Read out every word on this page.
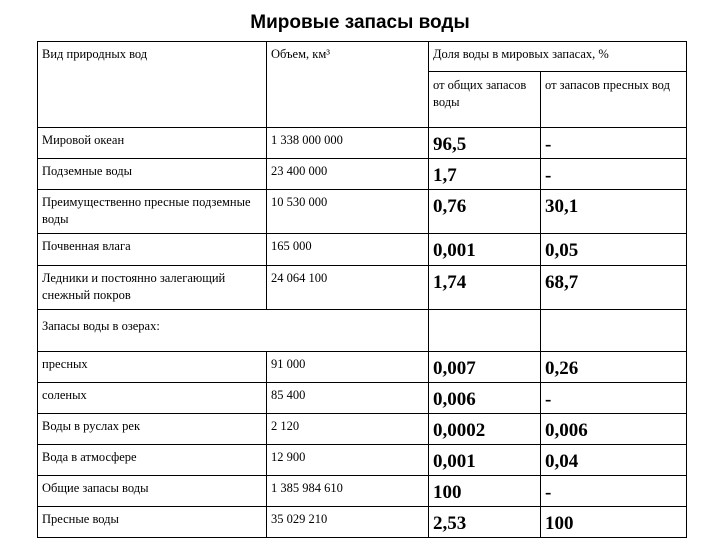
Мировые запасы воды
Вид природных вод	Объем, км³	Доля воды в мировых запасах, %	
		от общих запасов воды	от запасов пресных вод
Мировой океан	1 338 000 000	96,5	-
Подземные воды	23 400 000	1,7	-
Преимущественно пресные подземные воды	10 530 000	0,76	30,1
Почвенная влага	165 000	0,001	0,05
Ледники и постоянно залегающий снежный покров	24 064 100	1,74	68,7
Запасы воды в озерах:			
пресных	91 000	0,007	0,26
соленых	85 400	0,006	-
Воды в руслах рек	2 120	0,0002	0,006
Вода в атмосфере	12 900	0,001	0,04
Общие запасы воды	1 385 984 610	100	-
Пресные воды	35 029 210	2,53	100
